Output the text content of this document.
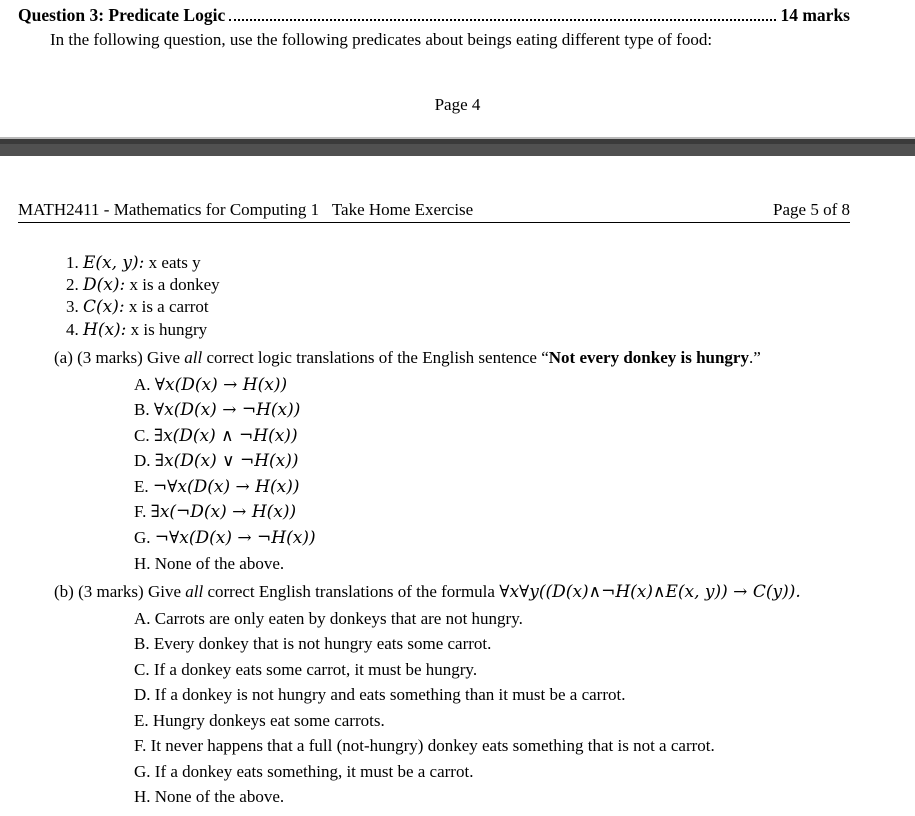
Question 3: Predicate Logic	14 marks
In the following question, use the following predicates about beings eating different type of food:
Page 4
MATH2411 - Mathematics for Computing 1 Take Home Exercise	Page 5 of 8
1. E(x, y): x eats y
2. D(x): x is a donkey
3. C(x): x is a carrot
4. H(x): x is hungry
(a) (3 marks) Give all correct logic translations of the English sentence “Not every donkey is hungry.”
A. ∀x(D(x) → H(x))
B. ∀x(D(x) → ¬H(x))
C. ∃x(D(x) ∧ ¬H(x))
D. ∃x(D(x) ∨ ¬H(x))
E. ¬∀x(D(x) → H(x))
F. ∃x(¬D(x) → H(x))
G. ¬∀x(D(x) → ¬H(x))
H. None of the above.
(b) (3 marks) Give all correct English translations of the formula ∀x∀y((D(x)∧¬H(x)∧E(x, y)) → C(y)).
A. Carrots are only eaten by donkeys that are not hungry.
B. Every donkey that is not hungry eats some carrot.
C. If a donkey eats some carrot, it must be hungry.
D. If a donkey is not hungry and eats something than it must be a carrot.
E. Hungry donkeys eat some carrots.
F. It never happens that a full (not-hungry) donkey eats something that is not a carrot.
G. If a donkey eats something, it must be a carrot.
H. None of the above.
